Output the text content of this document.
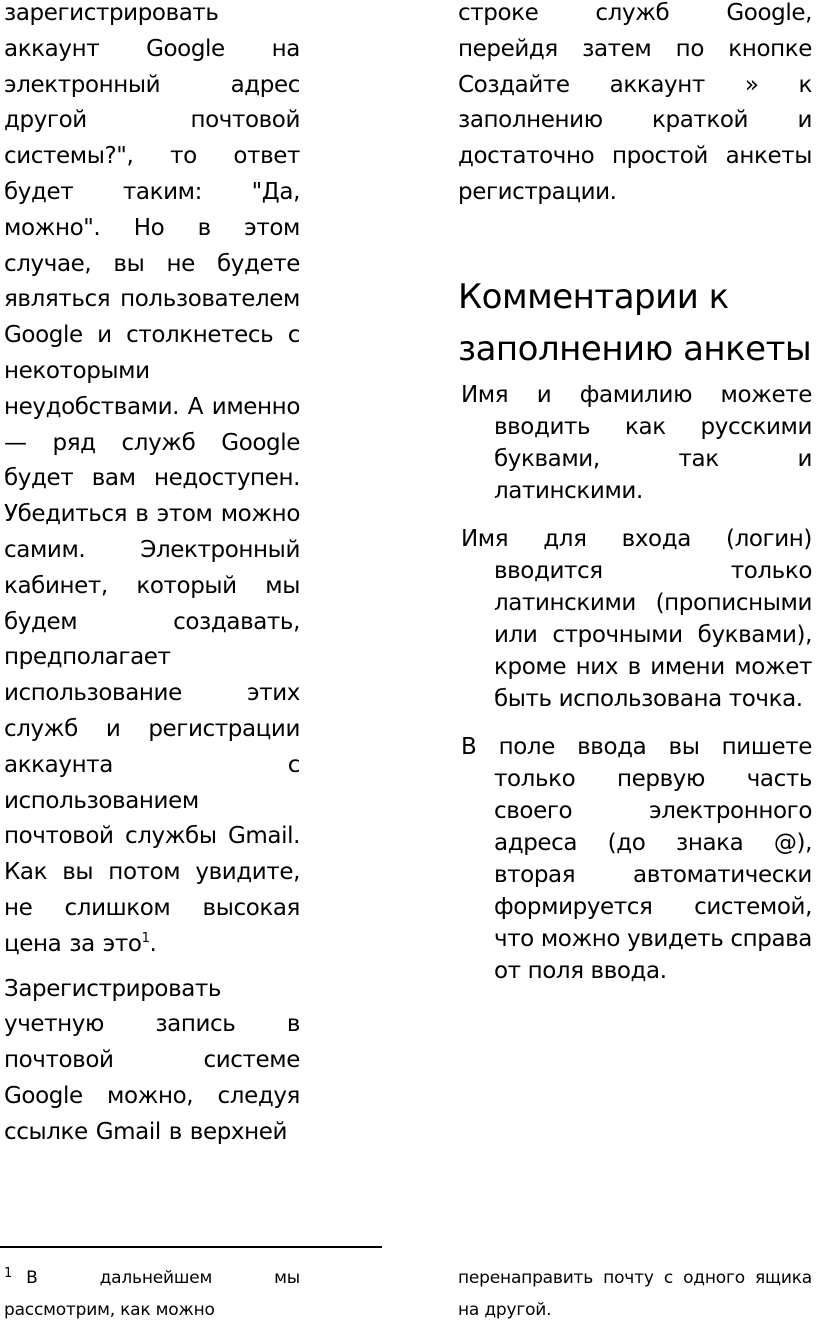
зарегистрировать аккаунт Google на электронный адрес другой почтовой системы?", то ответ будет таким: "Да, можно". Но в этом случае, вы не будете являться пользователем Google и столкнетесь с некоторыми неудобствами. А именно — ряд служб Google будет вам недоступен. Убедиться в этом можно самим. Электронный кабинет, который мы будем создавать, предполагает использование этих служб и регистрации аккаунта с использованием почтовой службы Gmail. Как вы потом увидите, не слишком высокая цена за это$^1$.

Зарегистрировать учетную запись в почтовой системе Google можно, следуя ссылке Gmail в верхней

строке служб Google, перейдя затем по кнопке Создайте аккаунт » к заполнению краткой и достаточно простой анкеты регистрации.

Комментарии к заполнению анкеты

Имя и фамилию можете вводить как русскими буквами, так и латинскими.

Имя для входа (логин) вводится только латинскими (прописными или строчными буквами), кроме них в имени может быть использована точка.

В поле ввода вы пишете только первую часть своего электронного адреса (до знака @), вторая автоматически формируется системой, что можно увидеть справа от поля ввода.

$^1$ В дальнейшем мы рассмотрим, как можно

перенаправить почту с одного ящика на другой.
